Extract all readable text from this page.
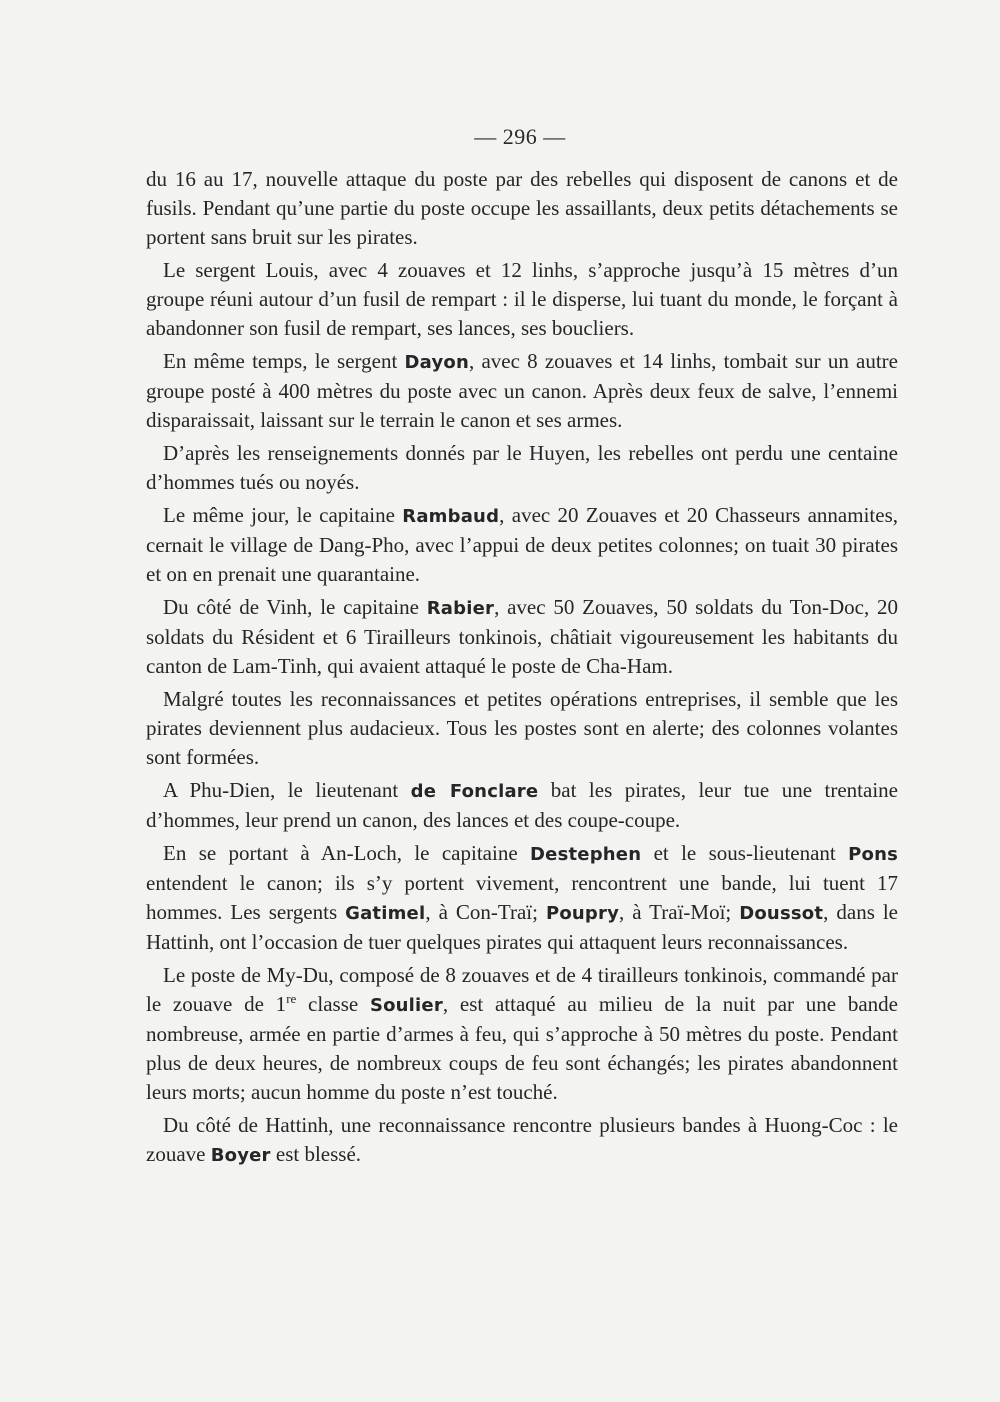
— 296 —

du 16 au 17, nouvelle attaque du poste par des rebelles qui disposent de canons et de fusils. Pendant qu’une partie du poste occupe les assaillants, deux petits détachements se portent sans bruit sur les pirates.

Le sergent Louis, avec 4 zouaves et 12 linhs, s’approche jusqu’à 15 mètres d’un groupe réuni autour d’un fusil de rempart : il le disperse, lui tuant du monde, le forçant à abandonner son fusil de rempart, ses lances, ses boucliers.

En même temps, le sergent Dayon, avec 8 zouaves et 14 linhs, tombait sur un autre groupe posté à 400 mètres du poste avec un canon. Après deux feux de salve, l’ennemi disparaissait, laissant sur le terrain le canon et ses armes.

D’après les renseignements donnés par le Huyen, les rebelles ont perdu une centaine d’hommes tués ou noyés.

Le même jour, le capitaine Rambaud, avec 20 Zouaves et 20 Chasseurs annamites, cernait le village de Dang-Pho, avec l’appui de deux petites colonnes; on tuait 30 pirates et on en prenait une quarantaine.

Du côté de Vinh, le capitaine Rabier, avec 50 Zouaves, 50 soldats du Ton-Doc, 20 soldats du Résident et 6 Tirailleurs tonkinois, châtiait vigoureusement les habitants du canton de Lam-Tinh, qui avaient attaqué le poste de Cha-Ham.

Malgré toutes les reconnaissances et petites opérations entreprises, il semble que les pirates deviennent plus audacieux. Tous les postes sont en alerte; des colonnes volantes sont formées.

A Phu-Dien, le lieutenant de Fonclare bat les pirates, leur tue une trentaine d’hommes, leur prend un canon, des lances et des coupe-coupe.

En se portant à An-Loch, le capitaine Destephen et le sous-lieutenant Pons entendent le canon; ils s’y portent vivement, rencontrent une bande, lui tuent 17 hommes. Les sergents Gatimel, à Con-Traï; Poupry, à Traï-Moï; Doussot, dans le Hattinh, ont l’occasion de tuer quelques pirates qui attaquent leurs reconnaissances.

Le poste de My-Du, composé de 8 zouaves et de 4 tirailleurs tonkinois, commandé par le zouave de 1re classe Soulier, est attaqué au milieu de la nuit par une bande nombreuse, armée en partie d’armes à feu, qui s’approche à 50 mètres du poste. Pendant plus de deux heures, de nombreux coups de feu sont échangés; les pirates abandonnent leurs morts; aucun homme du poste n’est touché.

Du côté de Hattinh, une reconnaissance rencontre plusieurs bandes à Huong-Coc : le zouave Boyer est blessé.
